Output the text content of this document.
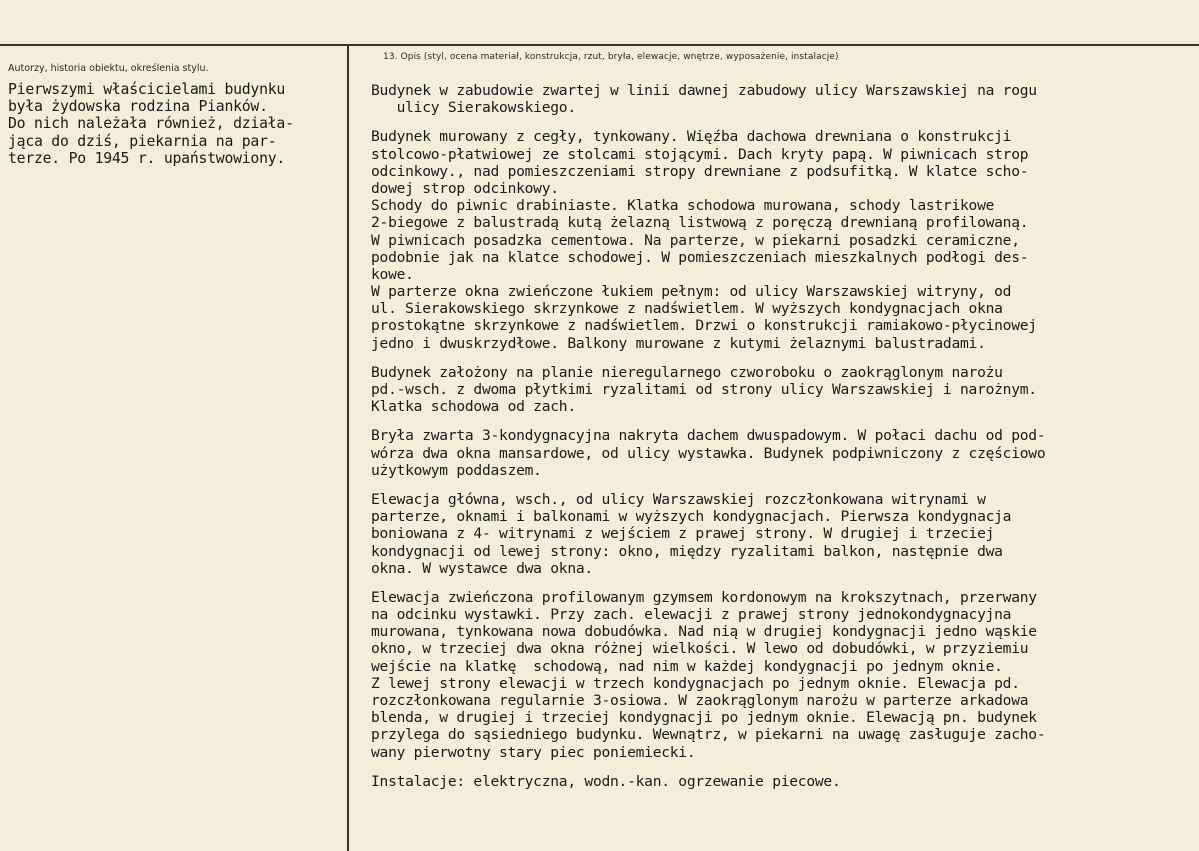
Autorzy, historia obiektu, określenia stylu.
13. Opis (styl, ocena materiał, konstrukcja, rzut, bryła, elewacje, wnętrze, wyposażenie, instalacje)
Pierwszymi właścicielami budynku
była żydowska rodzina Pianków.
Do nich należała również, działa-
jąca do dziś, piekarnia na par-
terze. Po 1945 r. upaństwowiony.
Budynek w zabudowie zwartej w linii dawnej zabudowy ulicy Warszawskiej na rogu
ulicy Sierakowskiego.
Budynek murowany z cegły, tynkowany. Więźba dachowa drewniana o konstrukcji
stolcowo-płatwiowej ze stolcami stojącymi. Dach kryty papą. W piwnicach strop
odcinkowy., nad pomieszczeniami stropy drewniane z podsufitką. W klatce scho-
dowej strop odcinkowy.
Schody do piwnic drabiniaste. Klatka schodowa murowana, schody lastrikowe
2-biegowe z balustradą kutą żelazną listwową z poręczą drewnianą profilowaną.
W piwnicach posadzka cementowa. Na parterze, w piekarni posadzki ceramiczne,
podobnie jak na klatce schodowej. W pomieszczeniach mieszkalnych podłogi des-
kowe.
W parterze okna zwieńczone łukiem pełnym: od ulicy Warszawskiej witryny, od
ul. Sierakowskiego skrzynkowe z nadświetlem. W wyższych kondygnacjach okna
prostokątne skrzynkowe z nadświetlem. Drzwi o konstrukcji ramiakowo-płycinowej
jedno i dwuskrzydłowe. Balkony murowane z kutymi żelaznymi balustradami.
Budynek założony na planie nieregularnego czworoboku o zaokrąglonym narożu
pd.-wsch. z dwoma płytkimi ryzalitami od strony ulicy Warszawskiej i narożnym.
Klatka schodowa od zach.
Bryła zwarta 3-kondygnacyjna nakryta dachem dwuspadowym. W połaci dachu od pod-
wórza dwa okna mansardowe, od ulicy wystawka. Budynek podpiwniczony z częściowo
użytkowym poddaszem.
Elewacja główna, wsch., od ulicy Warszawskiej rozczłonkowana witrynami w
parterze, oknami i balkonami w wyższych kondygnacjach. Pierwsza kondygnacja
boniowana z 4- witrynami z wejściem z prawej strony. W drugiej i trzeciej
kondygnacji od lewej strony: okno, między ryzalitami balkon, następnie dwa
okna. W wystawce dwa okna.
Elewacja zwieńczona profilowanym gzymsem kordonowym na krokszytnach, przerwany
na odcinku wystawki. Przy zach. elewacji z prawej strony jednokondygnacyjna
murowana, tynkowana nowa dobudówka. Nad nią w drugiej kondygnacji jedno wąskie
okno, w trzeciej dwa okna różnej wielkości. W lewo od dobudówki, w przyziemiu
wejście na klatkę  schodową, nad nim w każdej kondygnacji po jednym oknie.
Z lewej strony elewacji w trzech kondygnacjach po jednym oknie. Elewacja pd.
rozczłonkowana regularnie 3-osiowa. W zaokrąglonym narożu w parterze arkadowa
blenda, w drugiej i trzeciej kondygnacji po jednym oknie. Elewacją pn. budynek
przylega do sąsiedniego budynku. Wewnątrz, w piekarni na uwagę zasługuje zacho-
wany pierwotny stary piec poniemiecki.
Instalacje: elektryczna, wodn.-kan. ogrzewanie piecowe.
